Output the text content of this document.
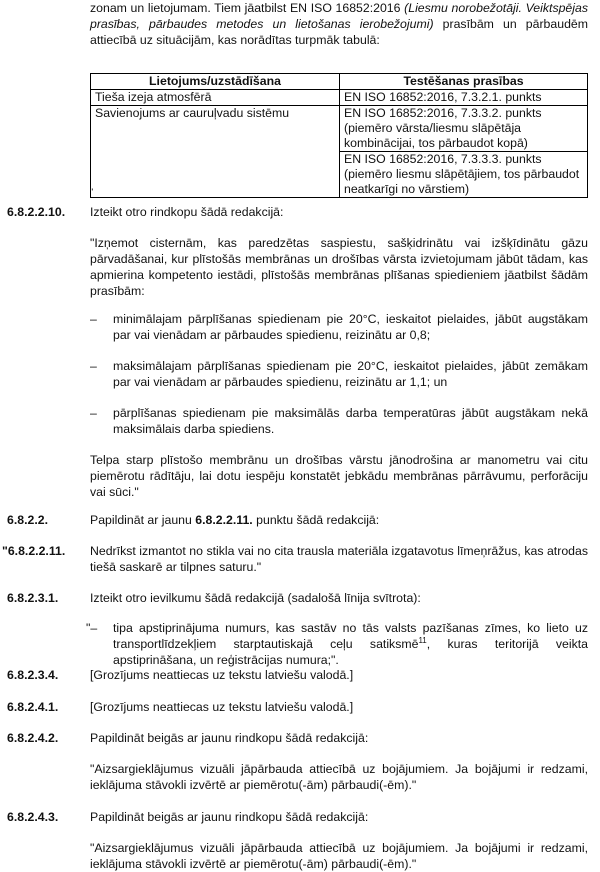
zonam un lietojumam. Tiem jāatbilst EN ISO 16852:2016 (Liesmu norobežotāji. Veiktspējas prasības, pārbaudes metodes un lietošanas ierobežojumi) prasībām un pārbaudēm attiecībā uz situācijām, kas norādītas turpmāk tabulā:
Lietojums/uzstādīšana	Testēšanas prasības
Tieša izeja atmosfērā	EN ISO 16852:2016, 7.3.2.1. punkts
Savienojums ar cauruļvadu sistēmu	EN ISO 16852:2016, 7.3.3.2. punkts (piemēro vārsta/liesmu slāpētāja kombinācijai, tos pārbaudot kopā)
	EN ISO 16852:2016, 7.3.3.3. punkts (piemēro liesmu slāpētājiem, tos pārbaudot neatkarīgi no vārstiem)
"
6.8.2.2.10. Izteikt otro rindkopu šādā redakcijā:
"Izņemot cisternām, kas paredzētas saspiestu, sašķidrinātu vai izšķīdinātu gāzu pārvadāšanai, kur plīstošās membrānas un drošības vārsta izvietojumam jābūt tādam, kas apmierina kompetento iestādi, plīstošās membrānas plīšanas spiedieniem jāatbilst šādām prasībām:
– minimālajam pārplīšanas spiedienam pie 20°C, ieskaitot pielaides, jābūt augstākam par vai vienādam ar pārbaudes spiedienu, reizinātu ar 0,8;
– maksimālajam pārplīšanas spiedienam pie 20°C, ieskaitot pielaides, jābūt zemākam par vai vienādam ar pārbaudes spiedienu, reizinātu ar 1,1; un
– pārplīšanas spiedienam pie maksimālās darba temperatūras jābūt augstākam nekā maksimālais darba spiediens.
Telpa starp plīstošo membrānu un drošības vārstu jānodrošina ar manometru vai citu piemērotu rādītāju, lai dotu iespēju konstatēt jebkādu membrānas pārrāvumu, perforāciju vai sūci."
6.8.2.2.	Papildināt ar jaunu 6.8.2.2.11. punktu šādā redakcijā:
"6.8.2.2.11. Nedrīkst izmantot no stikla vai no cita trausla materiāla izgatavotus līmeņrāžus, kas atrodas tiešā saskarē ar tilpnes saturu."
6.8.2.3.1.	Izteikt otro ievilkumu šādā redakcijā (sadalošā līnija svītrota):
"– tipa apstiprinājuma numurs, kas sastāv no tās valsts pazīšanas zīmes, ko lieto uz transportlīdzekļiem starptautiskajā ceļu satiksmē$^{11}$, kuras teritorijā veikta apstiprināšana, un reģistrācijas numura;".
6.8.2.3.4.	[Grozījums neattiecas uz tekstu latviešu valodā.]
6.8.2.4.1.	[Grozījums neattiecas uz tekstu latviešu valodā.]
6.8.2.4.2.	Papildināt beigās ar jaunu rindkopu šādā redakcijā:
"Aizsargieklājumus vizuāli jāpārbauda attiecībā uz bojājumiem. Ja bojājumi ir redzami, ieklājuma stāvokli izvērtē ar piemērotu(-ām) pārbaudi(-ēm)."
6.8.2.4.3.	Papildināt beigās ar jaunu rindkopu šādā redakcijā:
"Aizsargieklājumus vizuāli jāpārbauda attiecībā uz bojājumiem. Ja bojājumi ir redzami, ieklājuma stāvokli izvērtē ar piemērotu(-ām) pārbaudi(-ēm)."
